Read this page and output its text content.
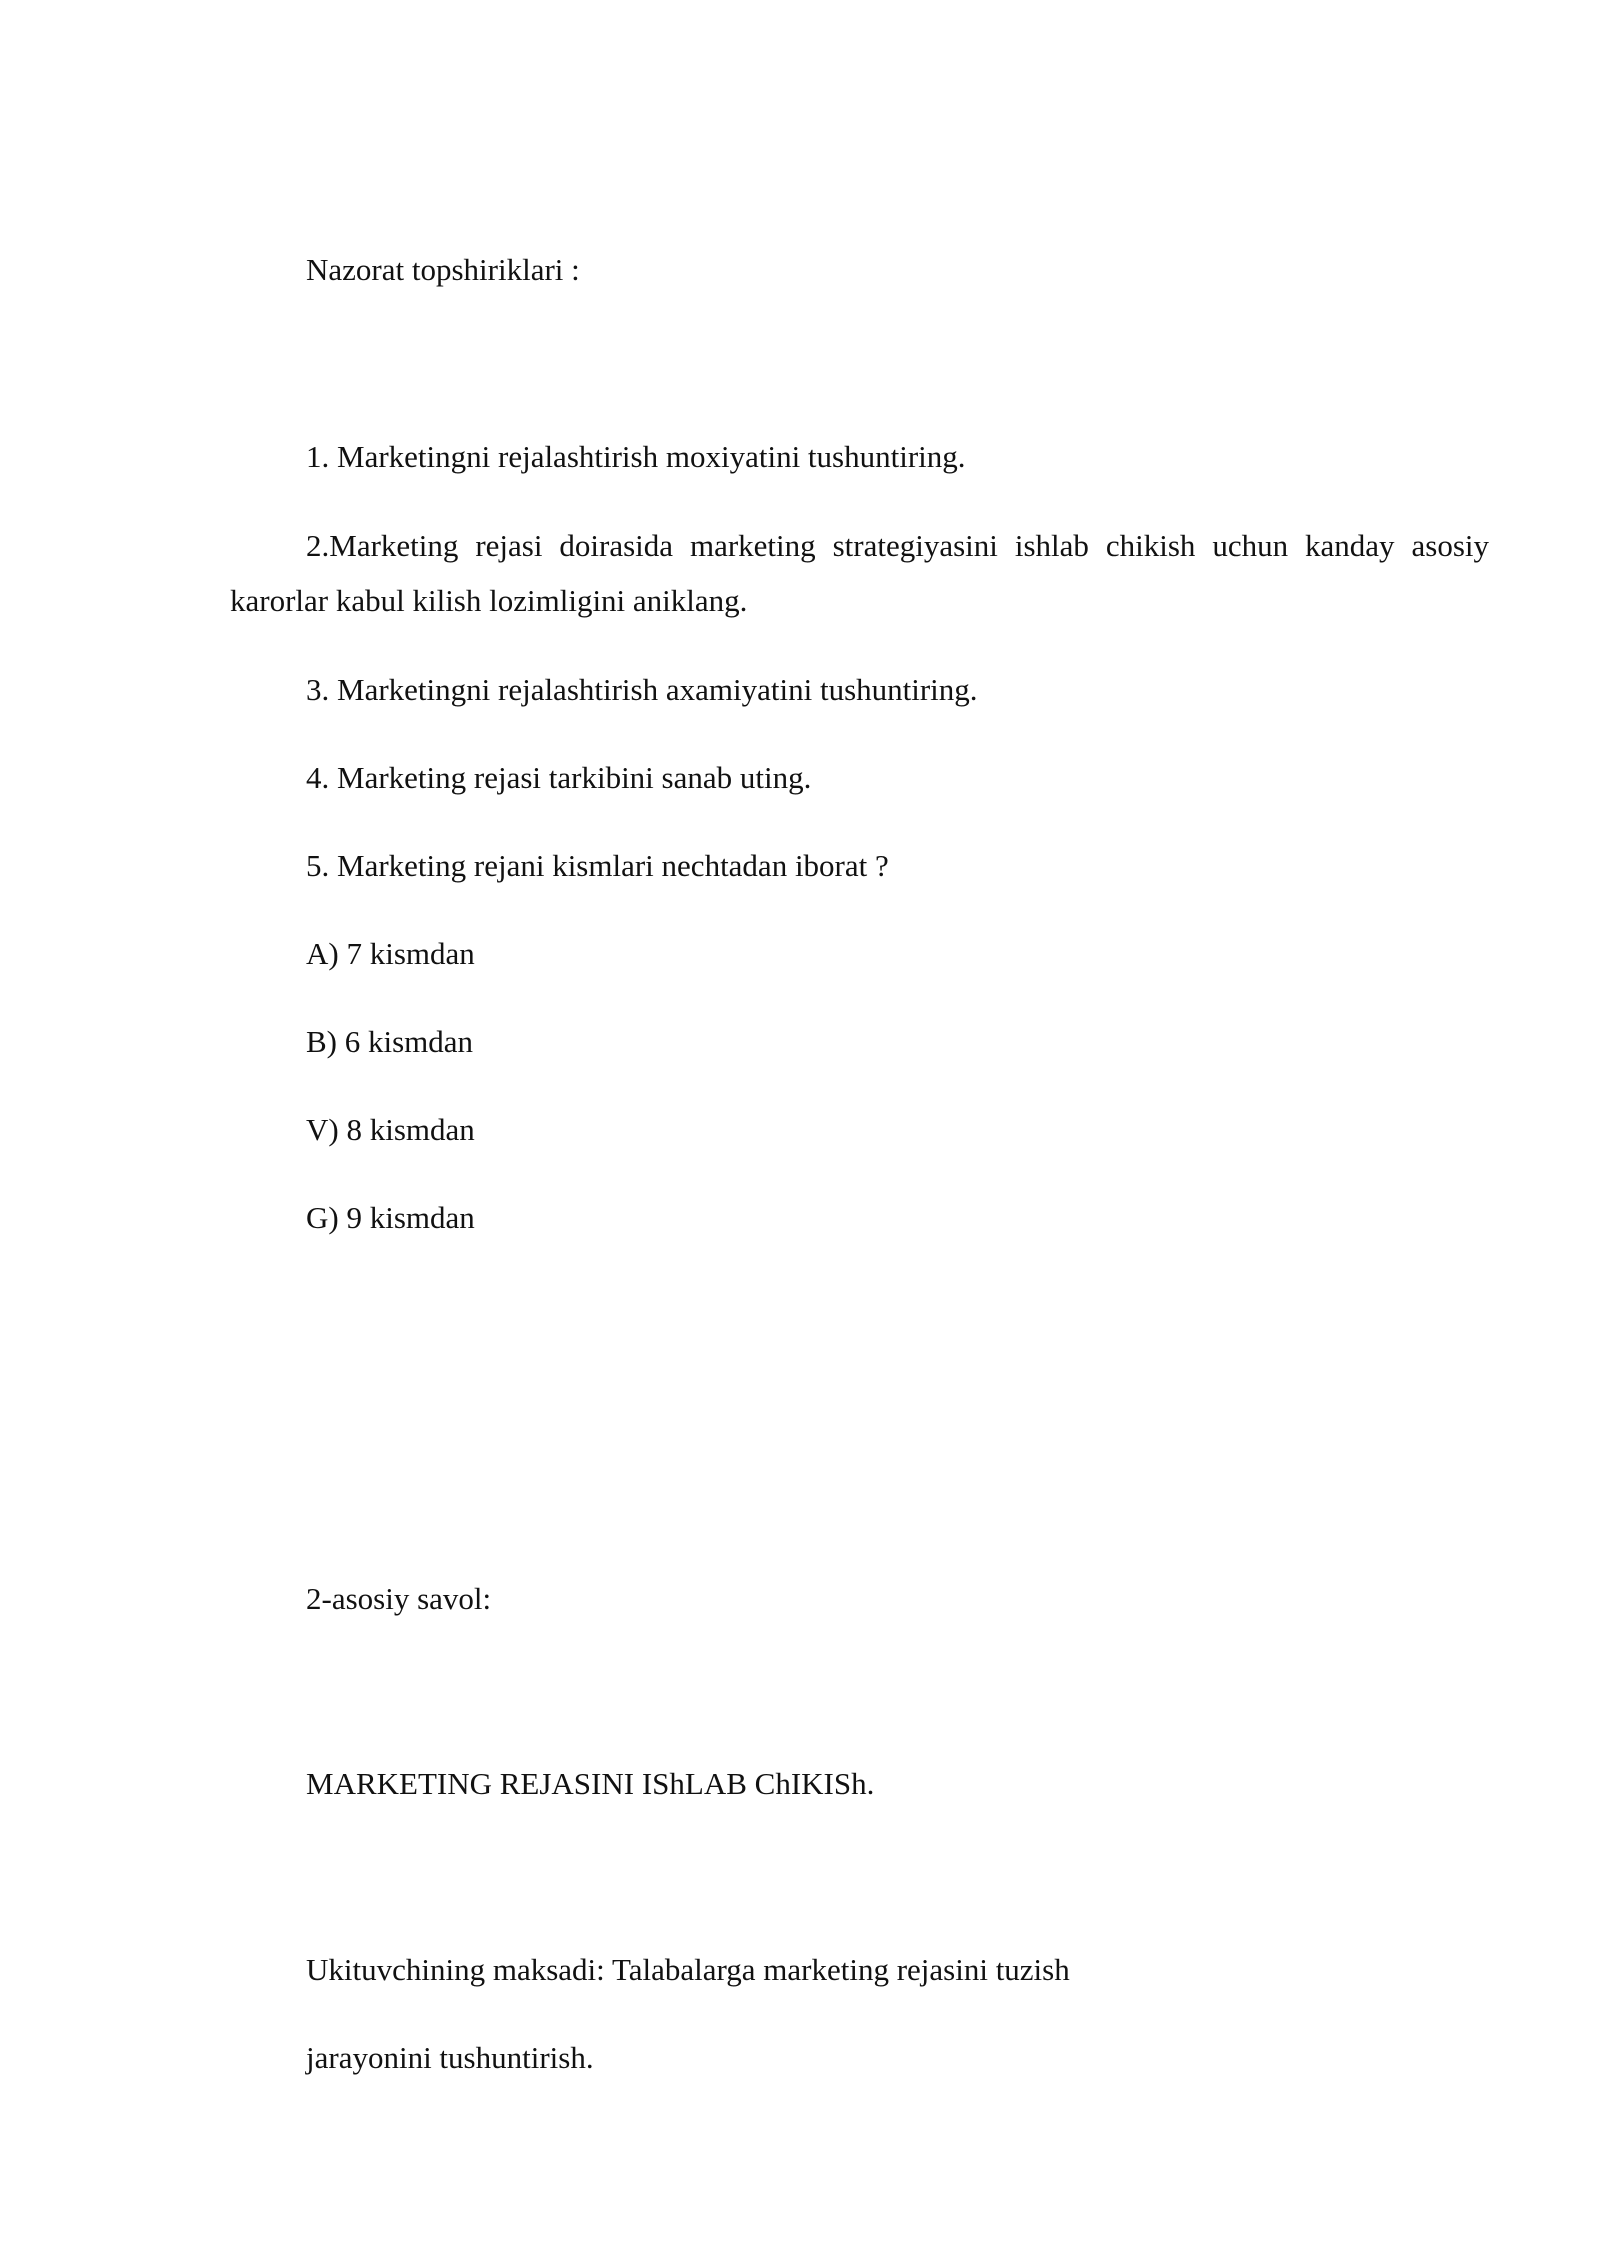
Nazorat topshiriklari :
1. Marketingni rejalashtirish moxiyatini tushuntiring.
2.Marketing rejasi doirasida marketing strategiyasini ishlab chikish uchun kanday asosiy karorlar kabul kilish lozimligini aniklang.
3. Marketingni rejalashtirish axamiyatini tushuntiring.
4. Marketing rejasi tarkibini sanab uting.
5. Marketing rejani kismlari nechtadan iborat ?
A) 7 kismdan
B) 6 kismdan
V) 8 kismdan
G) 9 kismdan
2-asosiy savol:
MARKETING REJASINI IShLAB ChIKISh.
Ukituvchining maksadi: Talabalarga marketing rejasini tuzish
jarayonini tushuntirish.
